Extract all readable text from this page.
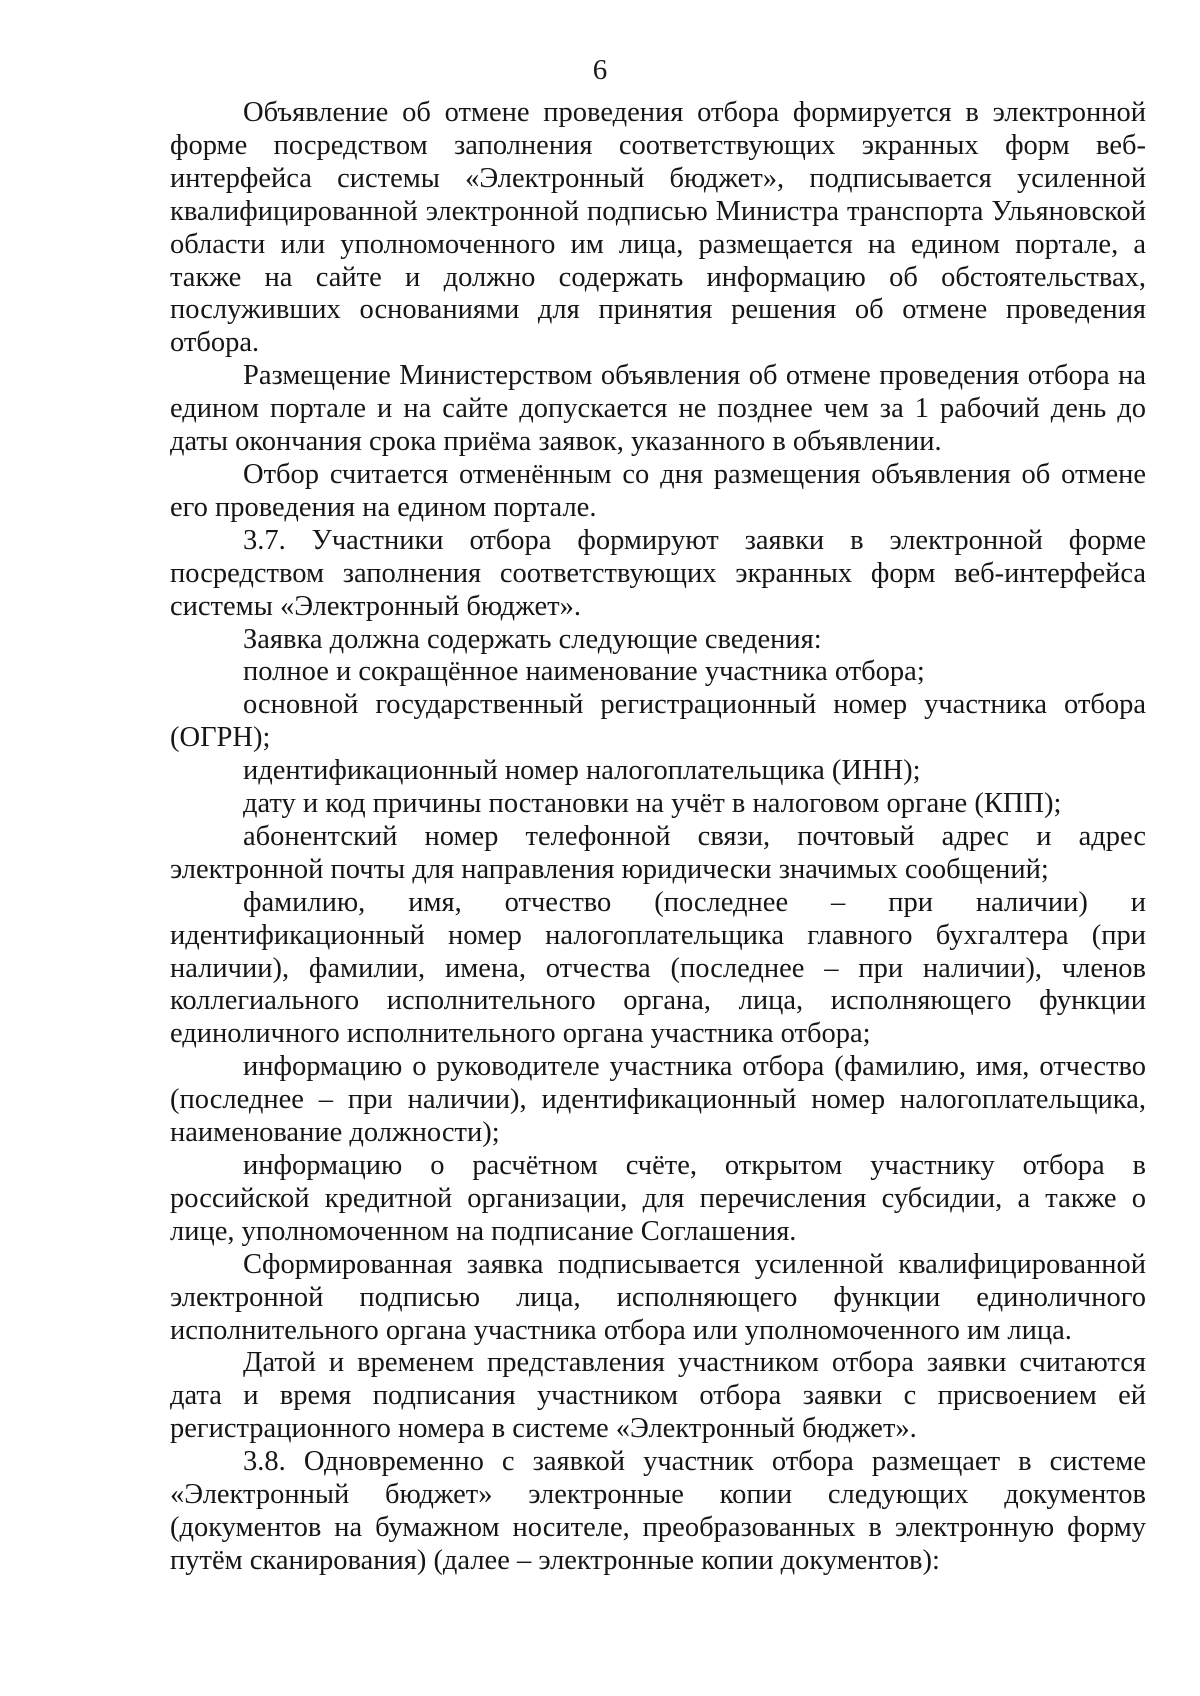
6

Объявление об отмене проведения отбора формируется в электронной форме посредством заполнения соответствующих экранных форм веб-интерфейса системы «Электронный бюджет», подписывается усиленной квалифицированной электронной подписью Министра транспорта Ульяновской области или уполномоченного им лица, размещается на едином портале, а также на сайте и должно содержать информацию об обстоятельствах, послуживших основаниями для принятия решения об отмене проведения отбора.

Размещение Министерством объявления об отмене проведения отбора на едином портале и на сайте допускается не позднее чем за 1 рабочий день до даты окончания срока приёма заявок, указанного в объявлении.

Отбор считается отменённым со дня размещения объявления об отмене его проведения на едином портале.

3.7. Участники отбора формируют заявки в электронной форме посредством заполнения соответствующих экранных форм веб-интерфейса системы «Электронный бюджет».

Заявка должна содержать следующие сведения:

полное и сокращённое наименование участника отбора;

основной государственный регистрационный номер участника отбора (ОГРН);

идентификационный номер налогоплательщика (ИНН);

дату и код причины постановки на учёт в налоговом органе (КПП);

абонентский номер телефонной связи, почтовый адрес и адрес электронной почты для направления юридически значимых сообщений;

фамилию, имя, отчество (последнее – при наличии) и идентификационный номер налогоплательщика главного бухгалтера (при наличии), фамилии, имена, отчества (последнее – при наличии), членов коллегиального исполнительного органа, лица, исполняющего функции единоличного исполнительного органа участника отбора;

информацию о руководителе участника отбора (фамилию, имя, отчество (последнее – при наличии), идентификационный номер налогоплательщика, наименование должности);

информацию о расчётном счёте, открытом участнику отбора в российской кредитной организации, для перечисления субсидии, а также о лице, уполномоченном на подписание Соглашения.

Сформированная заявка подписывается усиленной квалифицированной электронной подписью лица, исполняющего функции единоличного исполнительного органа участника отбора или уполномоченного им лица.

Датой и временем представления участником отбора заявки считаются дата и время подписания участником отбора заявки с присвоением ей регистрационного номера в системе «Электронный бюджет».

3.8. Одновременно с заявкой участник отбора размещает в системе «Электронный бюджет» электронные копии следующих документов (документов на бумажном носителе, преобразованных в электронную форму путём сканирования) (далее – электронные копии документов):
